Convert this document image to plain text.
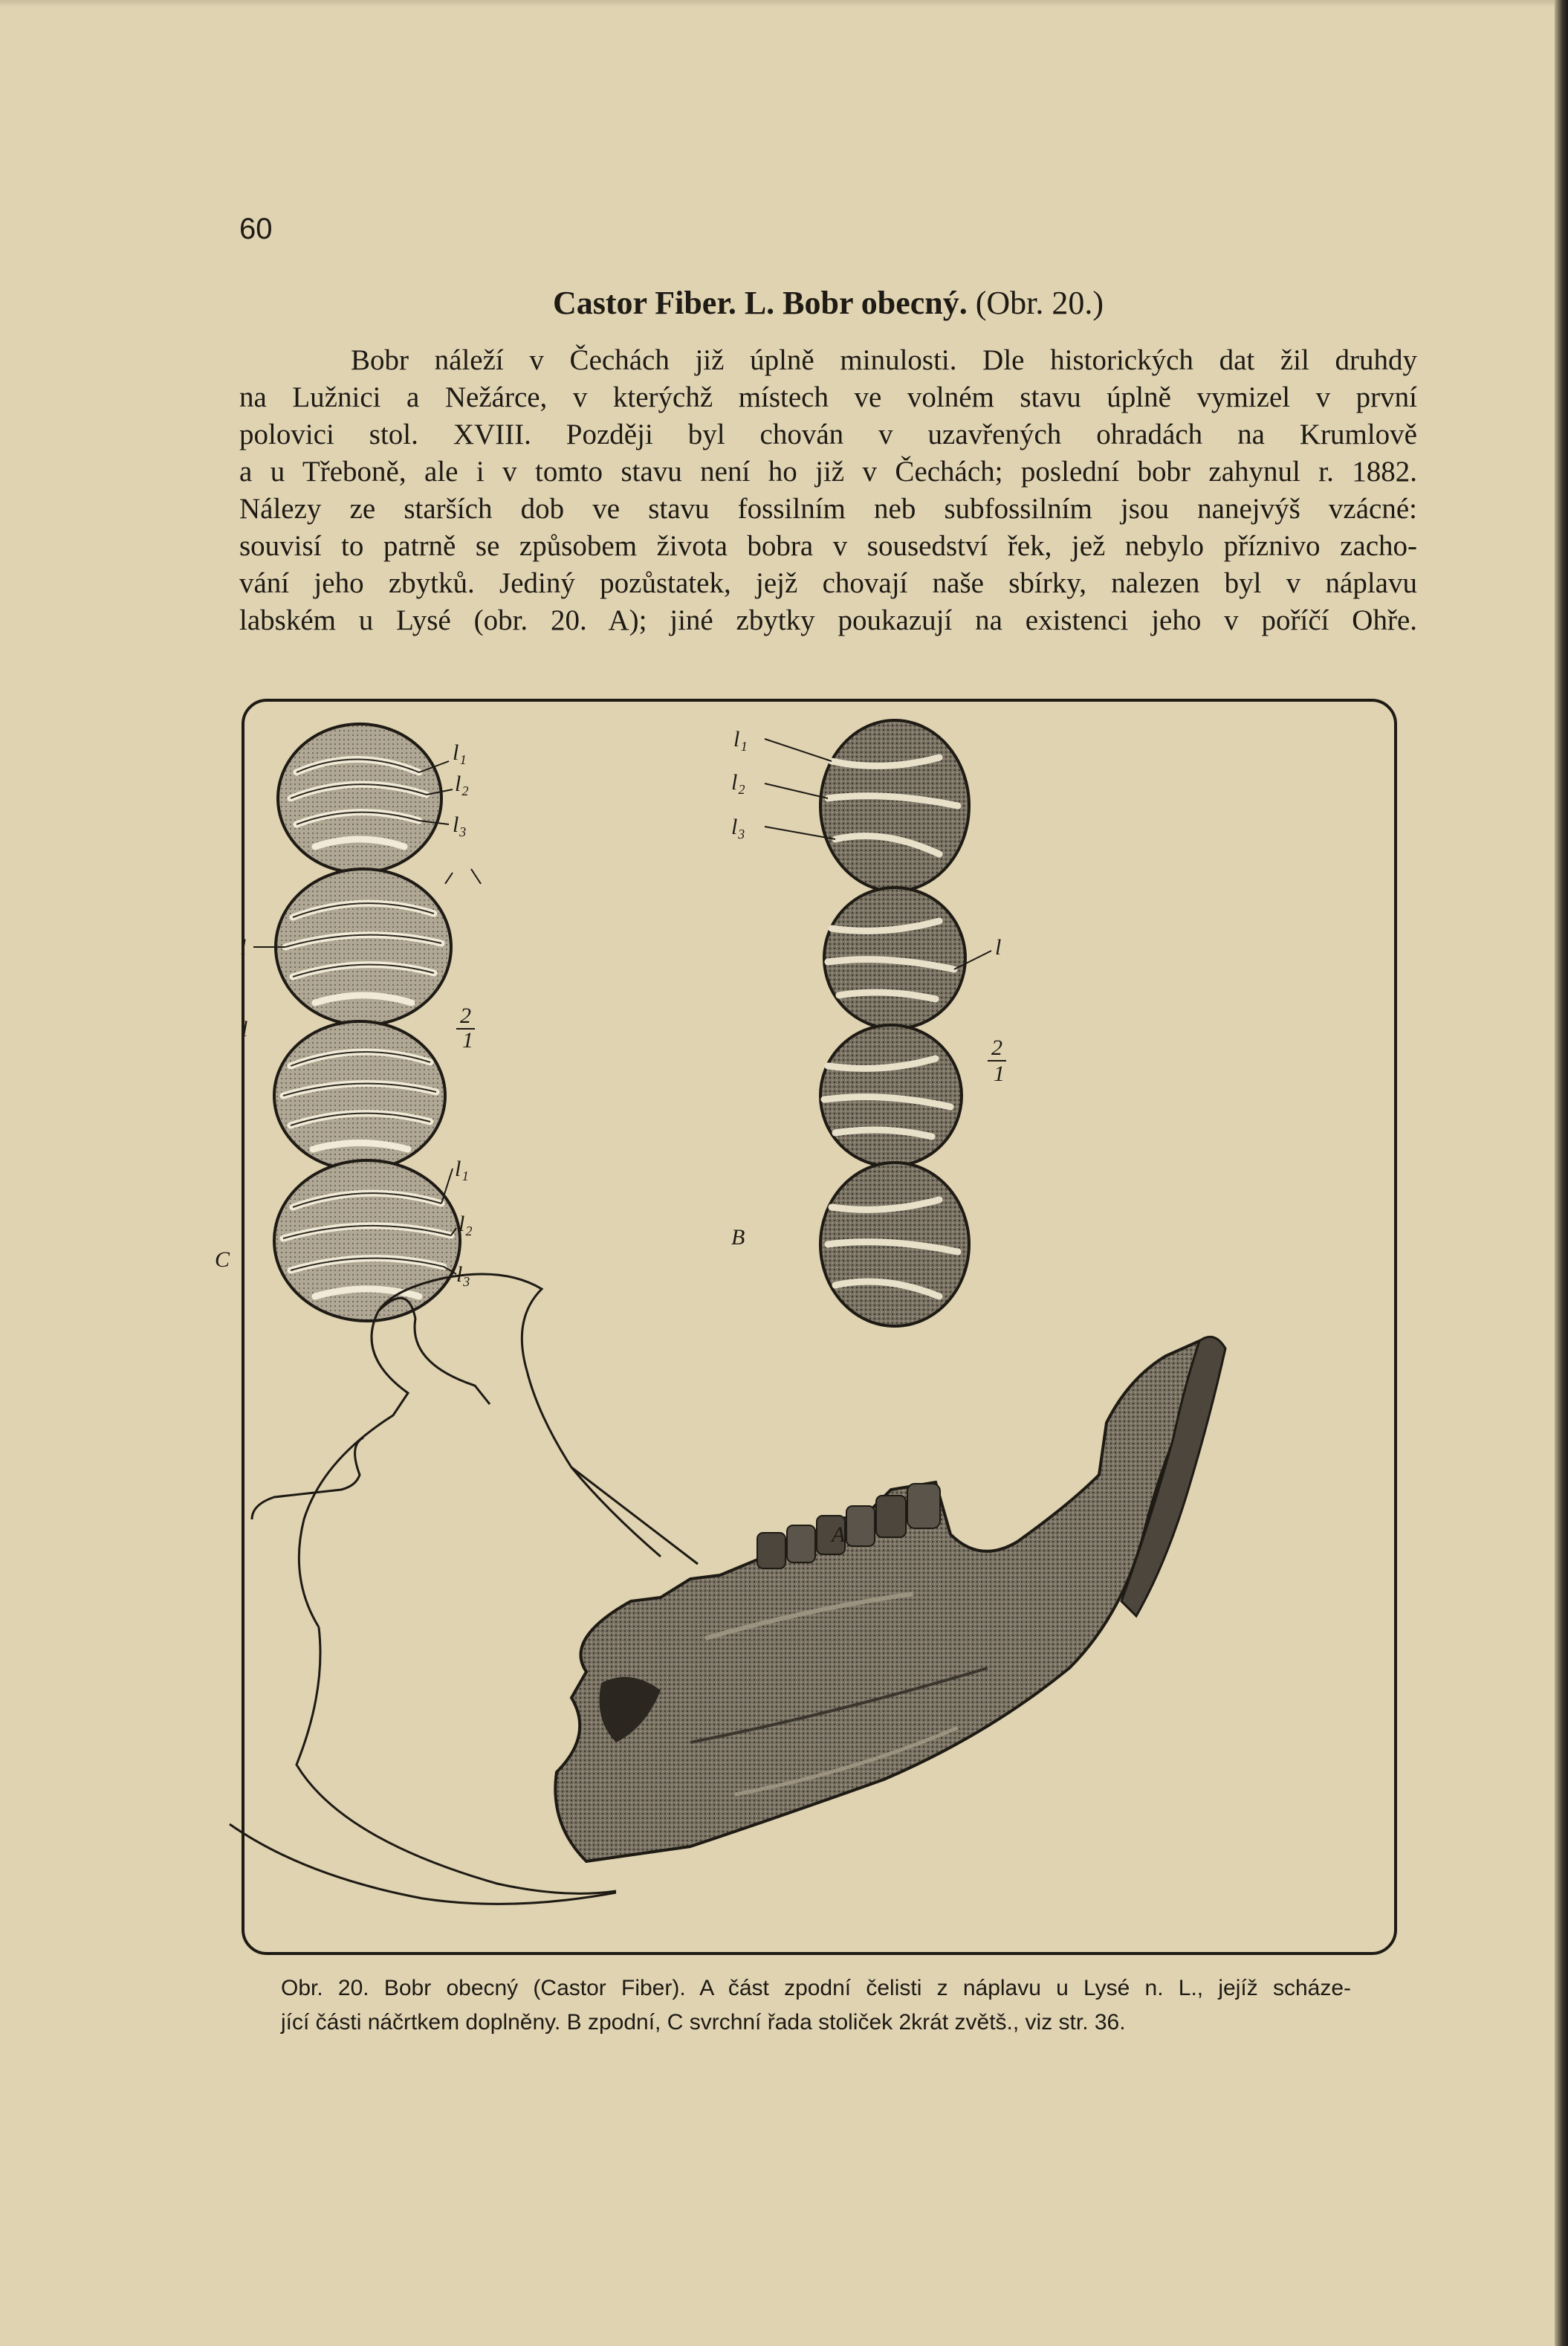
60
Castor Fiber. L. Bobr obecný. (Obr. 20.)
Bobr náleží v Čechách již úplně minulosti. Dle historických dat žil druhdy
na Lužnici a Nežárce, v kterýchž místech ve volném stavu úplně vymizel v první
polovici stol. XVIII. Později byl chován v uzavřených ohradách na Krumlově
a u Třeboně, ale i v tomto stavu není ho již v Čechách; poslední bobr zahynul r. 1882.
Nálezy ze starších dob ve stavu fossilním neb subfossilním jsou nanejvýš vzácné:
souvisí to patrně se způsobem života bobra v sousedství řek, jež nebylo příznivo zacho-
vání jeho zbytků. Jediný pozůstatek, jejž chovají naše sbírky, nalezen byl v náplavu
labském u Lysé (obr. 20. A); jiné zbytky poukazují na existenci jeho v poříčí Ohře.
l₁
l₂
l₃
l
l
2
1
l₁
l₂
l₃
C
l₁
l₂
l₃
l
2
1
B
A
Obr. 20. Bobr obecný (Castor Fiber). A část zpodní čelisti z náplavu u Lysé n. L., jejíž scháze-
jící části náčrtkem doplněny. B zpodní, C svrchní řada stoliček 2krát zvětš., viz str. 36.
